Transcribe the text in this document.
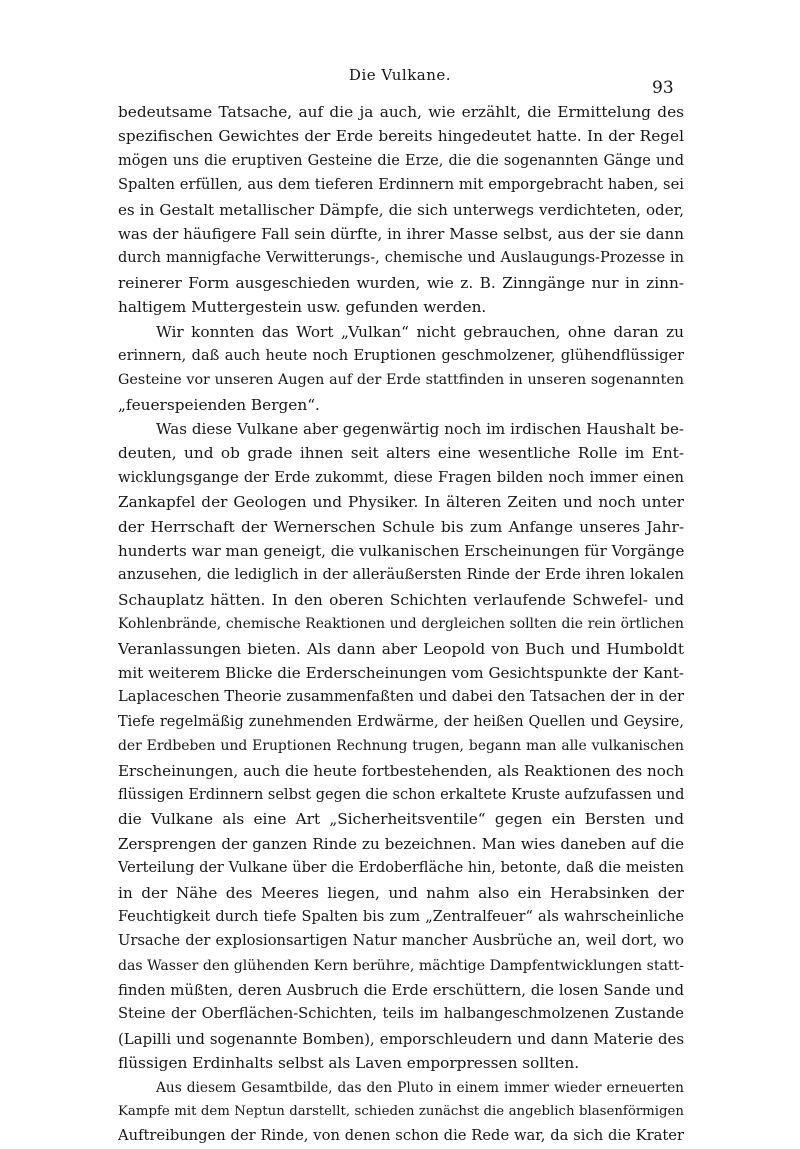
Die Vulkane.
93
bedeutsame Tatsache, auf die ja auch, wie erzählt, die Ermittelung des
spezifischen Gewichtes der Erde bereits hingedeutet hatte. In der Regel
mögen uns die eruptiven Gesteine die Erze, die die sogenannten Gänge und
Spalten erfüllen, aus dem tieferen Erdinnern mit emporgebracht haben, sei
es in Gestalt metallischer Dämpfe, die sich unterwegs verdichteten, oder,
was der häufigere Fall sein dürfte, in ihrer Masse selbst, aus der sie dann
durch mannigfache Verwitterungs-, chemische und Auslaugungs-Prozesse in
reinerer Form ausgeschieden wurden, wie z. B. Zinngänge nur in zinn-
haltigem Muttergestein usw. gefunden werden.
Wir konnten das Wort „Vulkan“ nicht gebrauchen, ohne daran zu
erinnern, daß auch heute noch Eruptionen geschmolzener, glühendflüssiger
Gesteine vor unseren Augen auf der Erde stattfinden in unseren sogenannten
„feuerspeienden Bergen“.
Was diese Vulkane aber gegenwärtig noch im irdischen Haushalt be-
deuten, und ob grade ihnen seit alters eine wesentliche Rolle im Ent-
wicklungsgange der Erde zukommt, diese Fragen bilden noch immer einen
Zankapfel der Geologen und Physiker. In älteren Zeiten und noch unter
der Herrschaft der Wernerschen Schule bis zum Anfange unseres Jahr-
hunderts war man geneigt, die vulkanischen Erscheinungen für Vorgänge
anzusehen, die lediglich in der alleräußersten Rinde der Erde ihren lokalen
Schauplatz hätten. In den oberen Schichten verlaufende Schwefel- und
Kohlenbrände, chemische Reaktionen und dergleichen sollten die rein örtlichen
Veranlassungen bieten. Als dann aber Leopold von Buch und Humboldt
mit weiterem Blicke die Erderscheinungen vom Gesichtspunkte der Kant-
Laplaceschen Theorie zusammenfaßten und dabei den Tatsachen der in der
Tiefe regelmäßig zunehmenden Erdwärme, der heißen Quellen und Geysire,
der Erdbeben und Eruptionen Rechnung trugen, begann man alle vulkanischen
Erscheinungen, auch die heute fortbestehenden, als Reaktionen des noch
flüssigen Erdinnern selbst gegen die schon erkaltete Kruste aufzufassen und
die Vulkane als eine Art „Sicherheitsventile“ gegen ein Bersten und
Zersprengen der ganzen Rinde zu bezeichnen. Man wies daneben auf die
Verteilung der Vulkane über die Erdoberfläche hin, betonte, daß die meisten
in der Nähe des Meeres liegen, und nahm also ein Herabsinken der
Feuchtigkeit durch tiefe Spalten bis zum „Zentralfeuer“ als wahrscheinliche
Ursache der explosionsartigen Natur mancher Ausbrüche an, weil dort, wo
das Wasser den glühenden Kern berühre, mächtige Dampfentwicklungen statt-
finden müßten, deren Ausbruch die Erde erschüttern, die losen Sande und
Steine der Oberflächen-Schichten, teils im halbangeschmolzenen Zustande
(Lapilli und sogenannte Bomben), emporschleudern und dann Materie des
flüssigen Erdinhalts selbst als Laven emporpressen sollten.
Aus diesem Gesamtbilde, das den Pluto in einem immer wieder erneuerten
Kampfe mit dem Neptun darstellt, schieden zunächst die angeblich blasenförmigen
Auftreibungen der Rinde, von denen schon die Rede war, da sich die Krater
